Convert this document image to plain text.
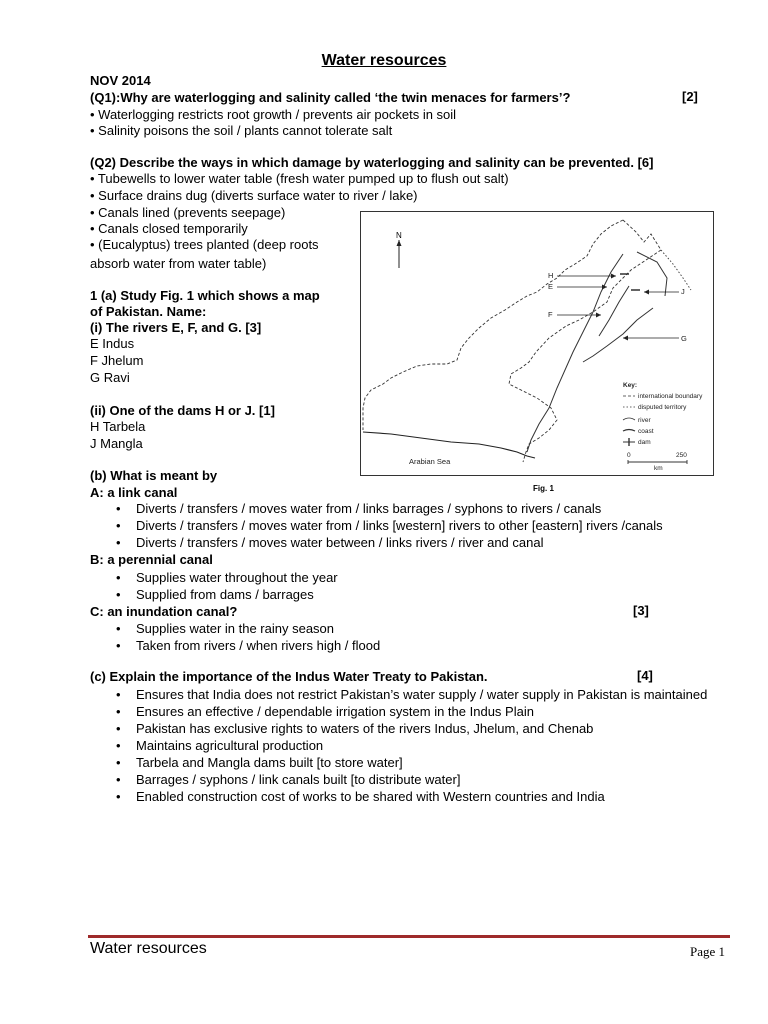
Water resources
NOV 2014
(Q1):Why are waterlogging and salinity called ‘the twin menaces for farmers’?	[2]
• Waterlogging restricts root growth / prevents air pockets in soil
• Salinity poisons the soil / plants cannot tolerate salt
(Q2) Describe the ways in which damage by waterlogging and salinity can be prevented. [6]
• Tubewells to lower water table (fresh water pumped up to flush out salt)
• Surface drains dug (diverts surface water to river / lake)
• Canals lined (prevents seepage)
• Canals closed temporarily
• (Eucalyptus) trees planted (deep roots
absorb water from water table)
1 (a) Study Fig. 1 which shows a map
of Pakistan. Name:
(i) The rivers E, F, and G. [3]
E Indus
F Jhelum
G Ravi
(ii) One of the dams H or J. [1]
H Tarbela
J Mangla
(b) What is meant by
A: a link canal
• Diverts / transfers / moves water from / links barrages / syphons to rivers / canals
• Diverts / transfers / moves water from / links [western] rivers to other [eastern] rivers /canals
• Diverts / transfers / moves water between / links rivers / river and canal
B: a perennial canal
• Supplies water throughout the year
• Supplied from dams / barrages
C: an inundation canal?	[3]
• Supplies water in the rainy season
• Taken from rivers / when rivers high / flood
(c) Explain the importance of the Indus Water Treaty to Pakistan.	[4]
• Ensures that India does not restrict Pakistan’s water supply / water supply in Pakistan is maintained
• Ensures an effective / dependable irrigation system in the Indus Plain
• Pakistan has exclusive rights to waters of the rivers Indus, Jhelum, and Chenab
• Maintains agricultural production
• Tarbela and Mangla dams built [to store water]
• Barrages / syphons / link canals built [to distribute water]
• Enabled construction cost of works to be shared with Western countries and India
N
H
E
F
J
G
Arabian Sea
Key:
international boundary
disputed territory
river
coast
dam
0	250
km
Fig. 1
Water resources	Page 1
